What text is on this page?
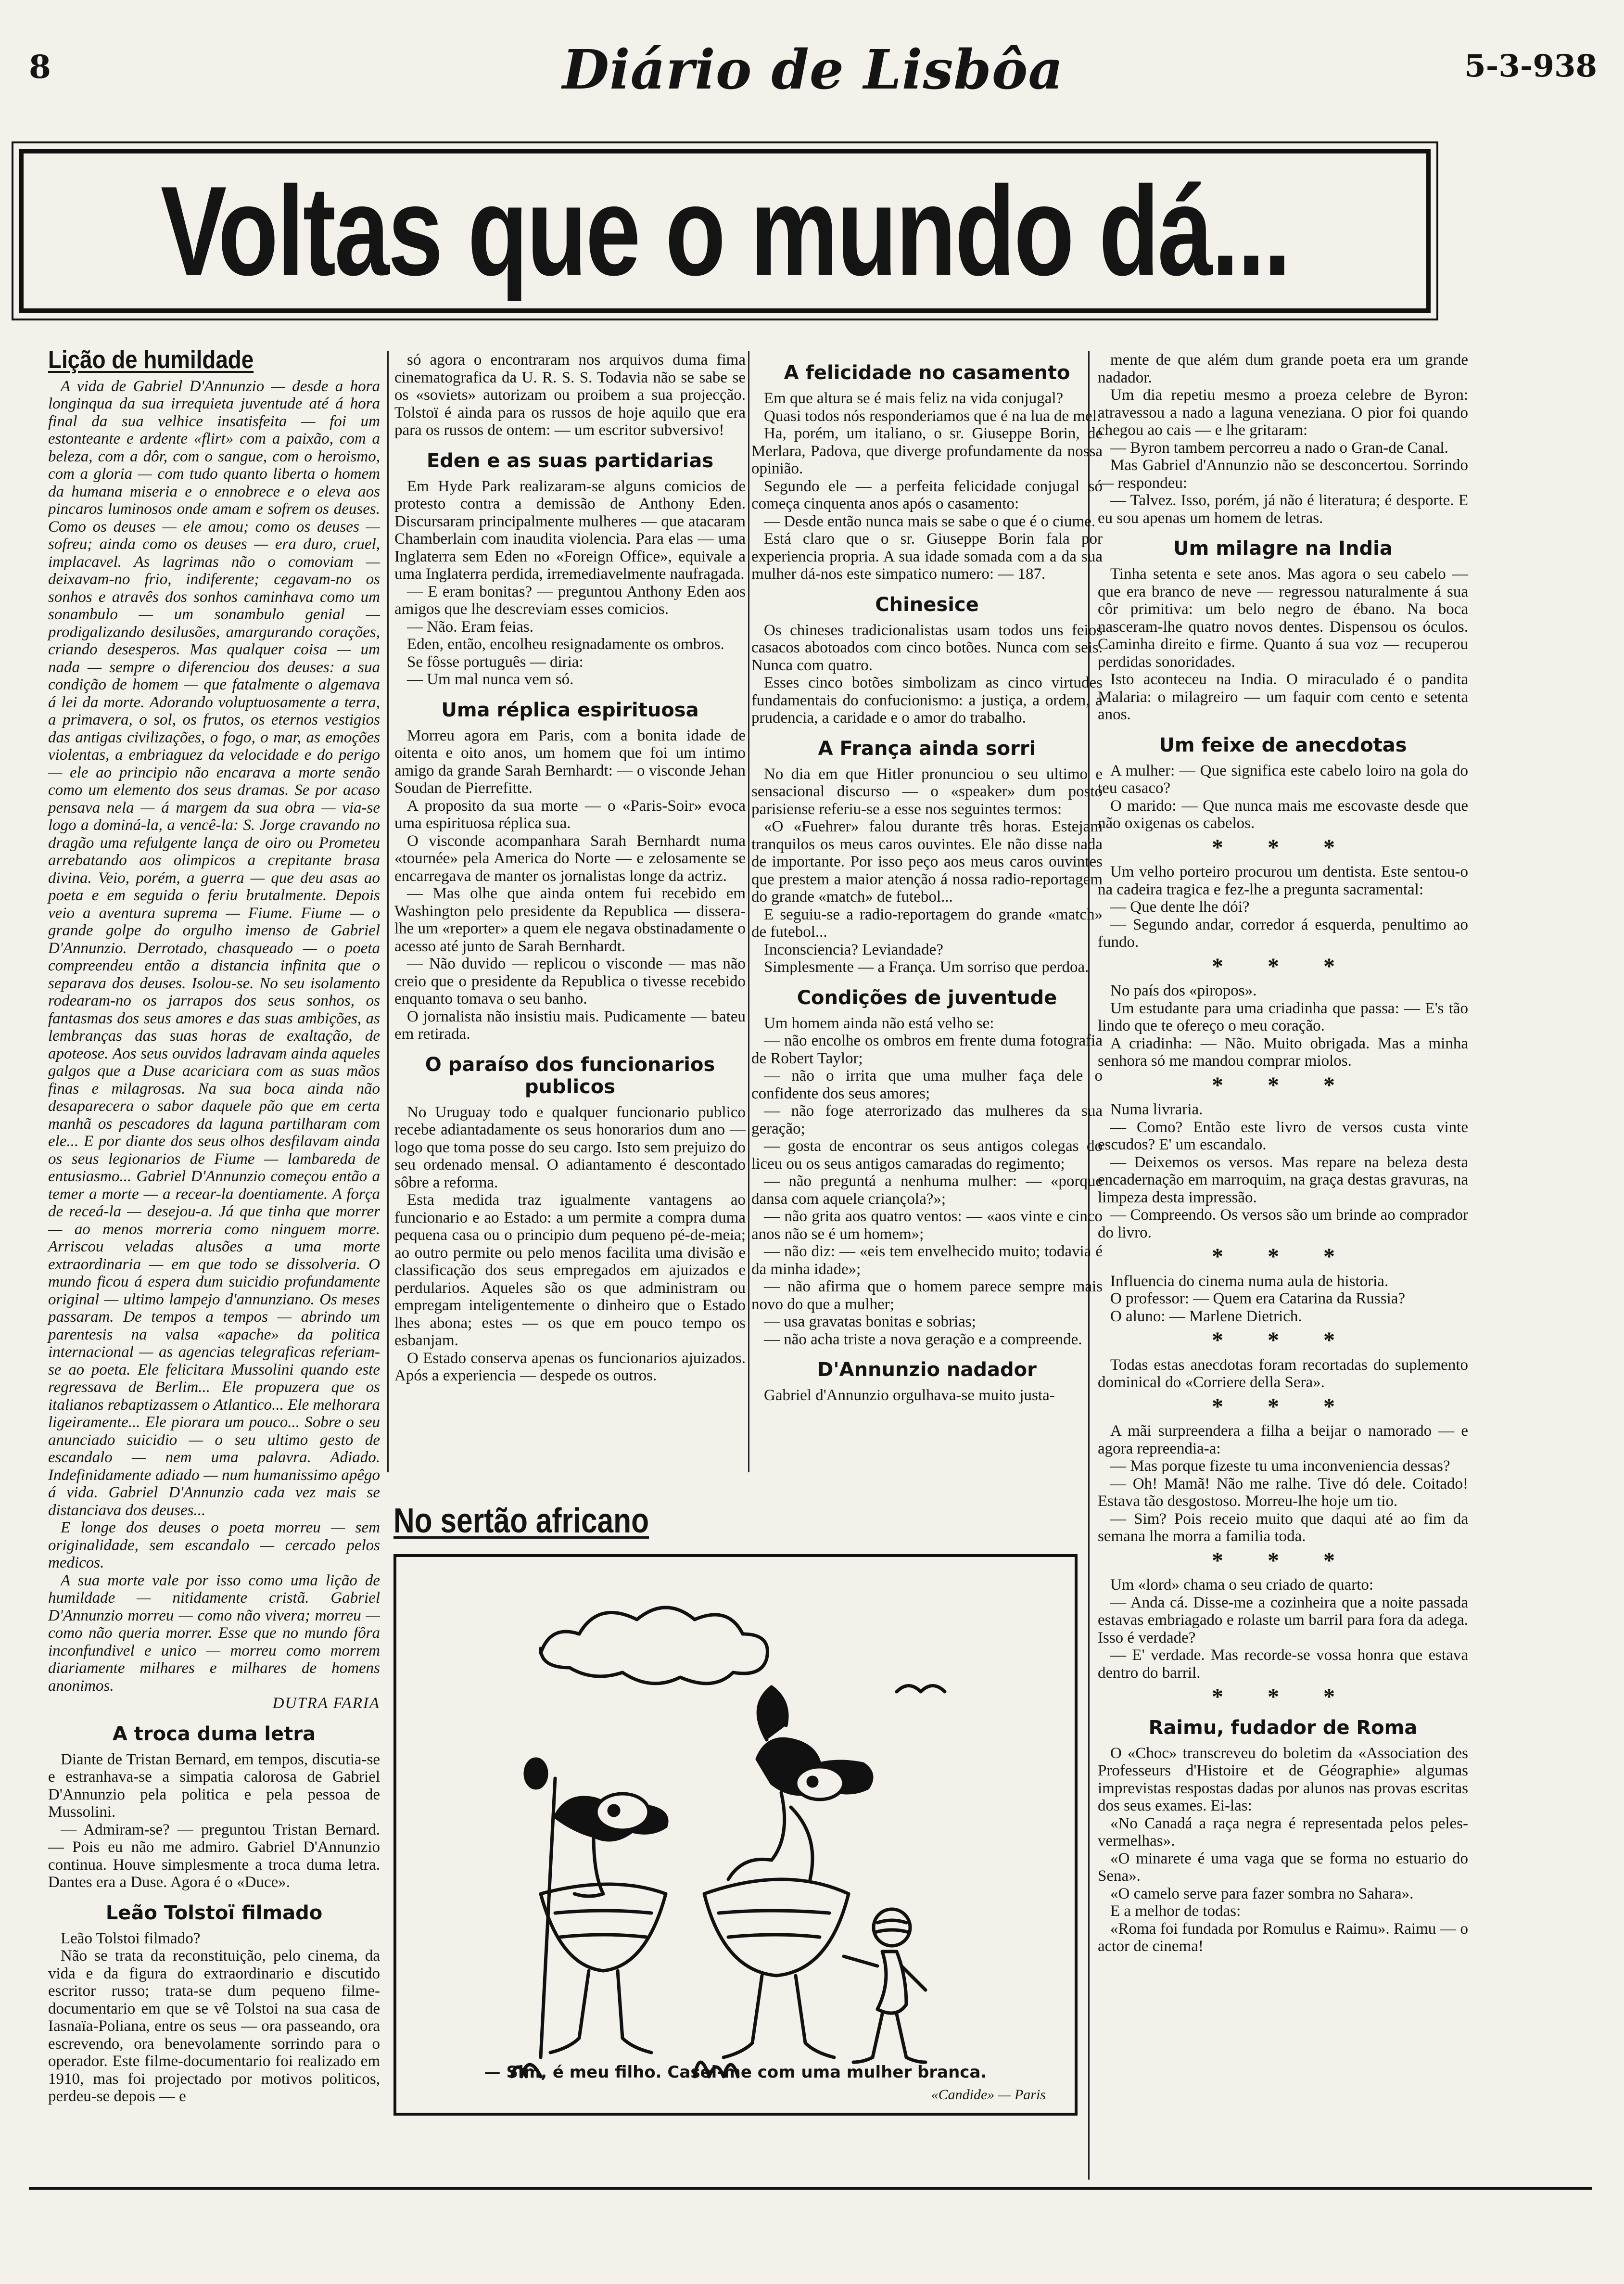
8	Diário de Lisbôa	5-3-938
Voltas que o mundo dá...
Lição de humildade

A vida de Gabriel D'Annunzio — desde a hora longinqua da sua irrequieta juventude até á hora final da sua velhice insatisfeita — foi um estonteante e ardente «flirt» com a paixão, com a beleza, com a dôr, com o sangue, com o heroismo, com a gloria — com tudo quanto liberta o homem da humana miseria e o ennobrece e o eleva aos pincaros luminosos onde amam e sofrem os deuses. Como os deuses — ele amou; como os deuses — sofreu; ainda como os deuses — era duro, cruel, implacavel. As lagrimas não o comoviam — deixavam-no frio, indiferente; cegavam-no os sonhos e atravês dos sonhos caminhava como um sonambulo — um sonambulo genial — prodigalizando desilusões, amargurando corações, criando desesperos. Mas qualquer coisa — um nada — sempre o diferenciou dos deuses: a sua condição de homem — que fatalmente o algemava á lei da morte. Adorando voluptuosamente a terra, a primavera, o sol, os frutos, os eternos vestigios das antigas civilizações, o fogo, o mar, as emoções violentas, a embriaguez da velocidade e do perigo — ele ao principio não encarava a morte senão como um elemento dos seus dramas. Se por acaso pensava nela — á margem da sua obra — via-se logo a dominá-la, a vencê-la: S. Jorge cravando no dragão uma refulgente lança de oiro ou Prometeu arrebatando aos olimpicos a crepitante brasa divina. Veio, porém, a guerra — que deu asas ao poeta e em seguida o feriu brutalmente. Depois veio a aventura suprema — Fiume. Fiume — o grande golpe do orgulho imenso de Gabriel D'Annunzio. Derrotado, chasqueado — o poeta compreendeu então a distancia infinita que o separava dos deuses. Isolou-se. No seu isolamento rodearam-no os jarrapos dos seus sonhos, os fantasmas dos seus amores e das suas ambições, as lembranças das suas horas de exaltação, de apoteose. Aos seus ouvidos ladravam ainda aqueles galgos que a Duse acariciara com as suas mãos finas e milagrosas. Na sua boca ainda não desaparecera o sabor daquele pão que em certa manhã os pescadores da laguna partilharam com ele... E por diante dos seus olhos desfilavam ainda os seus legionarios de Fiume — lambareda de entusiasmo... Gabriel D'Annunzio começou então a temer a morte — a recear-la doentiamente. A força de receá-la — desejou-a. Já que tinha que morrer — ao menos morreria como ninguem morre. Arriscou veladas alusões a uma morte extraordinaria — em que todo se dissolveria. O mundo ficou á espera dum suicidio profundamente original — ultimo lampejo d'annunziano. Os meses passaram. De tempos a tempos — abrindo um parentesis na valsa «apache» da politica internacional — as agencias telegraficas referiam-se ao poeta. Ele felicitara Mussolini quando este regressava de Berlim... Ele propuzera que os italianos rebaptizassem o Atlantico... Ele melhorara ligeiramente... Ele piorara um pouco... Sobre o seu anunciado suicidio — o seu ultimo gesto de escandalo — nem uma palavra. Adiado. Indefinidamente adiado — num humanissimo apêgo á vida. Gabriel D'Annunzio cada vez mais se distanciava dos deuses...

E longe dos deuses o poeta morreu — sem originalidade, sem escandalo — cercado pelos medicos.

A sua morte vale por isso como uma lição de humildade — nitidamente cristã. Gabriel D'Annunzio morreu — como não vivera; morreu — como não queria morrer. Esse que no mundo fôra inconfundivel e unico — morreu como morrem diariamente milhares e milhares de homens anonimos.

DUTRA FARIA

A troca duma letra

Diante de Tristan Bernard, em tempos, discutia-se e estranhava-se a simpatia calorosa de Gabriel D'Annunzio pela politica e pela pessoa de Mussolini.

— Admiram-se? — preguntou Tristan Bernard. — Pois eu não me admiro. Gabriel D'Annunzio continua. Houve simplesmente a troca duma letra. Dantes era a Duse. Agora é o «Duce».

Leão Tolstoï filmado

Leão Tolstoi filmado?

Não se trata da reconstituição, pelo cinema, da vida e da figura do extraordinario e discutido escritor russo; trata-se dum pequeno filme-documentario em que se vê Tolstoi na sua casa de Iasnaïa-Poliana, entre os seus — ora passeando, ora escrevendo, ora benevolamente sorrindo para o operador. Este filme-documentario foi realizado em 1910, mas foi projectado por motivos politicos, perdeu-se depois — e

só agora o encontraram nos arquivos duma fima cinematografica da U. R. S. S. Todavia não se sabe se os «soviets» autorizam ou proibem a sua projecção. Tolstoï é ainda para os russos de hoje aquilo que era para os russos de ontem: — um escritor subversivo!

Eden e as suas partidarias

Em Hyde Park realizaram-se alguns comicios de protesto contra a demissão de Anthony Eden. Discursaram principalmente mulheres — que atacaram Chamberlain com inaudita violencia. Para elas — uma Inglaterra sem Eden no «Foreign Office», equivale a uma Inglaterra perdida, irremediavelmente naufragada.

— E eram bonitas? — preguntou Anthony Eden aos amigos que lhe descreviam esses comicios.

— Não. Eram feias.

Eden, então, encolheu resignadamente os ombros.

Se fôsse português — diria:

— Um mal nunca vem só.

Uma réplica espirituosa

Morreu agora em Paris, com a bonita idade de oitenta e oito anos, um homem que foi um intimo amigo da grande Sarah Bernhardt: — o visconde Jehan Soudan de Pierrefitte.

A proposito da sua morte — o «Paris-Soir» evoca uma espirituosa réplica sua.

O visconde acompanhara Sarah Bernhardt numa «tournée» pela America do Norte — e zelosamente se encarregava de manter os jornalistas longe da actriz.

— Mas olhe que ainda ontem fui recebido em Washington pelo presidente da Republica — dissera-lhe um «reporter» a quem ele negava obstinadamente o acesso até junto de Sarah Bernhardt.

— Não duvido — replicou o visconde — mas não creio que o presidente da Republica o tivesse recebido enquanto tomava o seu banho.

O jornalista não insistiu mais. Pudicamente — bateu em retirada.

O paraíso dos funcionarios publicos

No Uruguay todo e qualquer funcionario publico recebe adiantadamente os seus honorarios dum ano — logo que toma posse do seu cargo. Isto sem prejuizo do seu ordenado mensal. O adiantamento é descontado sôbre a reforma.

Esta medida traz igualmente vantagens ao funcionario e ao Estado: a um permite a compra duma pequena casa ou o principio dum pequeno pé-de-meia; ao outro permite ou pelo menos facilita uma divisão e classificação dos seus empregados em ajuizados e perdularios. Aqueles são os que administram ou empregam inteligentemente o dinheiro que o Estado lhes abona; estes — os que em pouco tempo os esbanjam.

O Estado conserva apenas os funcionarios ajuizados. Após a experiencia — despede os outros.

A felicidade no casamento

Em que altura se é mais feliz na vida conjugal?

Quasi todos nós responderiamos que é na lua de mel.

Ha, porém, um italiano, o sr. Giuseppe Borin, de Merlara, Padova, que diverge profundamente da nossa opinião.

Segundo ele — a perfeita felicidade conjugal só começa cinquenta anos após o casamento:

— Desde então nunca mais se sabe o que é o ciume.

Está claro que o sr. Giuseppe Borin fala por experiencia propria. A sua idade somada com a da sua mulher dá-nos este simpatico numero: — 187.

Chinesice

Os chineses tradicionalistas usam todos uns feios casacos abotoados com cinco botões. Nunca com seis. Nunca com quatro.

Esses cinco botões simbolizam as cinco virtudes fundamentais do confucionismo: a justiça, a ordem, a prudencia, a caridade e o amor do trabalho.

A França ainda sorri

No dia em que Hitler pronunciou o seu ultimo e sensacional discurso — o «speaker» dum posto parisiense referiu-se a esse nos seguintes termos:

«O «Fuehrer» falou durante três horas. Estejam tranquilos os meus caros ouvintes. Ele não disse nada de importante. Por isso peço aos meus caros ouvintes que prestem a maior atenção á nossa radio-reportagem do grande «match» de futebol...

E seguiu-se a radio-reportagem do grande «match» de futebol...

Inconsciencia? Leviandade?

Simplesmente — a França. Um sorriso que perdoa.

Condições de juventude

Um homem ainda não está velho se:

— não encolhe os ombros em frente duma fotografia de Robert Taylor;

— não o irrita que uma mulher faça dele o confidente dos seus amores;

— não foge aterrorizado das mulheres da sua geração;

— gosta de encontrar os seus antigos colegas do liceu ou os seus antigos camaradas do regimento;

— não preguntá a nenhuma mulher: — «porque dansa com aquele criançola?»;

— não grita aos quatro ventos: — «aos vinte e cinco anos não se é um homem»;

— não diz: — «eis tem envelhecido muito; todavia é da minha idade»;

— não afirma que o homem parece sempre mais novo do que a mulher;

— usa gravatas bonitas e sobrias;

— não acha triste a nova geração e a compreende.

D'Annunzio nadador

Gabriel d'Annunzio orgulhava-se muito justa-

mente de que além dum grande poeta era um grande nadador.

Um dia repetiu mesmo a proeza celebre de Byron: atravessou a nado a laguna veneziana. O pior foi quando chegou ao cais — e lhe gritaram:

— Byron tambem percorreu a nado o Gran-de Canal.

Mas Gabriel d'Annunzio não se desconcertou. Sorrindo — respondeu:

— Talvez. Isso, porém, já não é literatura; é desporte. E eu sou apenas um homem de letras.

Um milagre na India

Tinha setenta e sete anos. Mas agora o seu cabelo — que era branco de neve — regressou naturalmente á sua côr primitiva: um belo negro de ébano. Na boca nasceram-lhe quatro novos dentes. Dispensou os óculos. Caminha direito e firme. Quanto á sua voz — recuperou perdidas sonoridades.

Isto aconteceu na India. O miraculado é o pandita Malaria: o milagreiro — um faquir com cento e setenta anos.

Um feixe de anecdotas

A mulher: — Que significa este cabelo loiro na gola do teu casaco?

O marido: — Que nunca mais me escovaste desde que não oxigenas os cabelos.

* * *

Um velho porteiro procurou um dentista. Este sentou-o na cadeira tragica e fez-lhe a pregunta sacramental:

— Que dente lhe dói?

— Segundo andar, corredor á esquerda, penultimo ao fundo.

* * *

No país dos «piropos».

Um estudante para uma criadinha que passa: — E's tão lindo que te ofereço o meu coração.

A criadinha: — Não. Muito obrigada. Mas a minha senhora só me mandou comprar miolos.

* * *

Numa livraria.

— Como? Então este livro de versos custa vinte escudos? E' um escandalo.

— Deixemos os versos. Mas repare na beleza desta encadernação em marroquim, na graça destas gravuras, na limpeza desta impressão.

— Compreendo. Os versos são um brinde ao comprador do livro.

* * *

Influencia do cinema numa aula de historia.

O professor: — Quem era Catarina da Russia?

O aluno: — Marlene Dietrich.

* * *

Todas estas anecdotas foram recortadas do suplemento dominical do «Corriere della Sera».

* * *

A mãi surpreendera a filha a beijar o namorado — e agora repreendia-a:

— Mas porque fizeste tu uma inconveniencia dessas?

— Oh! Mamã! Não me ralhe. Tive dó dele. Coitado! Estava tão desgostoso. Morreu-lhe hoje um tio.

— Sim? Pois receio muito que daqui até ao fim da semana lhe morra a familia toda.

* * *

Um «lord» chama o seu criado de quarto:

— Anda cá. Disse-me a cozinheira que a noite passada estavas embriagado e rolaste um barril para fora da adega. Isso é verdade?

— E' verdade. Mas recorde-se vossa honra que estava dentro do barril.

* * *
Raimu, fudador de Roma

O «Choc» transcreveu do boletim da «Association des Professeurs d'Histoire et de Géographie» algumas imprevistas respostas dadas por alunos nas provas escritas dos seus exames. Ei-las:

«No Canadá a raça negra é representada pelos peles-vermelhas».

«O minarete é uma vaga que se forma no estuario do Sena».

«O camelo serve para fazer sombra no Sahara».

E a melhor de todas:

«Roma foi fundada por Romulus e Raimu». Raimu — o actor de cinema!

No sertão africano
— Sim, é meu filho. Casei-me com uma mulher branca.
«Candide» — Paris
